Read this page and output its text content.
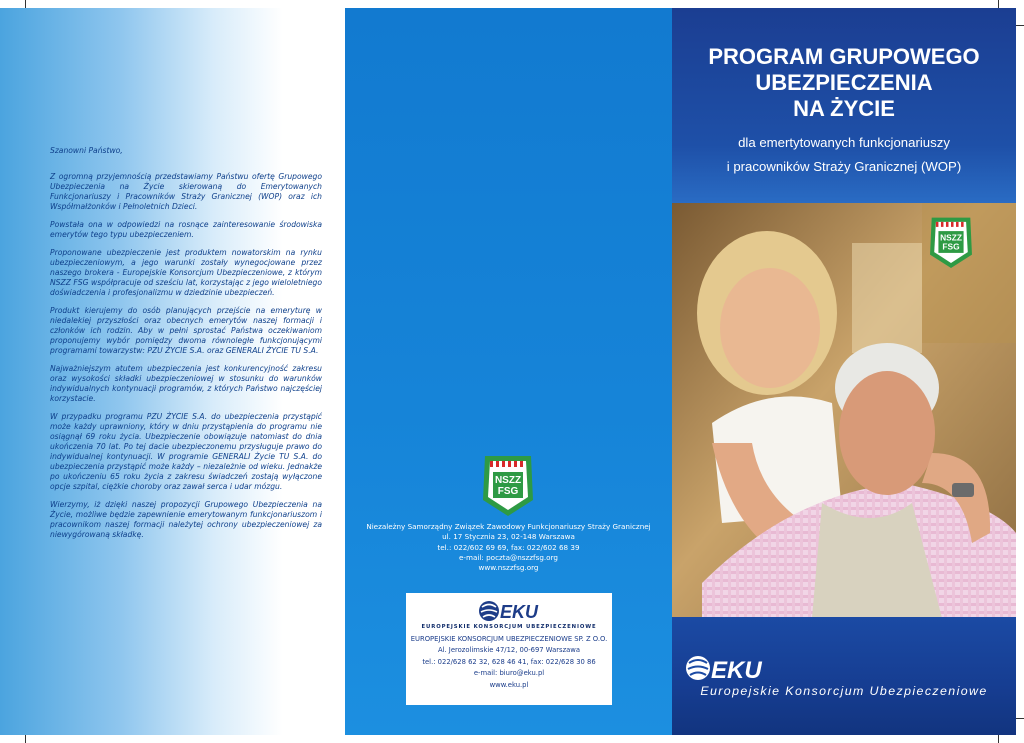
Szanowni Państwo,

Z ogromną przyjemnością przedstawiamy Państwu ofertę Grupowego Ubezpieczenia na Życie skierowaną do Emerytowanych Funkcjonariuszy i Pracowników Straży Granicznej (WOP) oraz ich Współmałżonków i Pełnoletnich Dzieci.

Powstała ona w odpowiedzi na rosnące zainteresowanie środowiska emerytów tego typu ubezpieczeniem.

Proponowane ubezpieczenie jest produktem nowatorskim na rynku ubezpieczeniowym, a jego warunki zostały wynegocjowane przez naszego brokera - Europejskie Konsorcjum Ubezpieczeniowe, z którym NSZZ FSG współpracuje od sześciu lat, korzystając z jego wieloletniego doświadczenia i profesjonalizmu w dziedzinie ubezpieczeń.

Produkt kierujemy do osób planujących przejście na emeryturę w niedalekiej przyszłości oraz obecnych emerytów naszej formacji i członków ich rodzin. Aby w pełni sprostać Państwa oczekiwaniom proponujemy wybór pomiędzy dwoma równoległe funkcjonującymi programami towarzystw: PZU ŻYCIE S.A. oraz GENERALI ŻYCIE TU S.A.

Najważniejszym atutem ubezpieczenia jest konkurencyjność zakresu oraz wysokości składki ubezpieczeniowej w stosunku do warunków indywidualnych kontynuacji programów, z których Państwo najczęściej korzystacie.

W przypadku programu PZU ŻYCIE S.A. do ubezpieczenia przystąpić może każdy uprawniony, który w dniu przystąpienia do programu nie osiągnął 69 roku życia. Ubezpieczenie obowiązuje natomiast do dnia ukończenia 70 lat. Po tej dacie ubezpieczonemu przysługuje prawo do indywidualnej kontynuacji. W programie GENERALI Życie TU S.A. do ubezpieczenia przystąpić może każdy – niezależnie od wieku. Jednakże po ukończeniu 65 roku życia z zakresu świadczeń zostają wyłączone opcje szpital, ciężkie choroby oraz zawał serca i udar mózgu.

Wierzymy, iż dzięki naszej propozycji Grupowego Ubezpieczenia na Życie, możliwe będzie zapewnienie emerytowanym funkcjonariuszom i pracownikom naszej formacji należytej ochrony ubezpieczeniowej za niewygórowaną składkę.

NSZZ
FSG
Niezależny Samorządny Związek Zawodowy Funkcjonariuszy Straży Granicznej
ul. 17 Stycznia 23, 02-148 Warszawa
tel.: 022/602 69 69, fax: 022/602 68 39
e-mail: poczta@nszzfsg.org
www.nszzfsg.org
EKU
EUROPEJSKIE KONSORCJUM UBEZPIECZENIOWE
EUROPEJSKIE KONSORCJUM UBEZPIECZENIOWE SP. Z O.O.
Al. Jerozolimskie 47/12, 00-697 Warszawa
tel.: 022/628 62 32, 628 46 41, fax: 022/628 30 86
e-mail: biuro@eku.pl
www.eku.pl
PROGRAM GRUPOWEGO
UBEZPIECZENIA
NA ŻYCIE
dla emertytowanych funkcjonariuszy
i pracowników Straży Granicznej (WOP)
NSZZ
FSG
EKU
Europejskie Konsorcjum Ubezpieczeniowe
